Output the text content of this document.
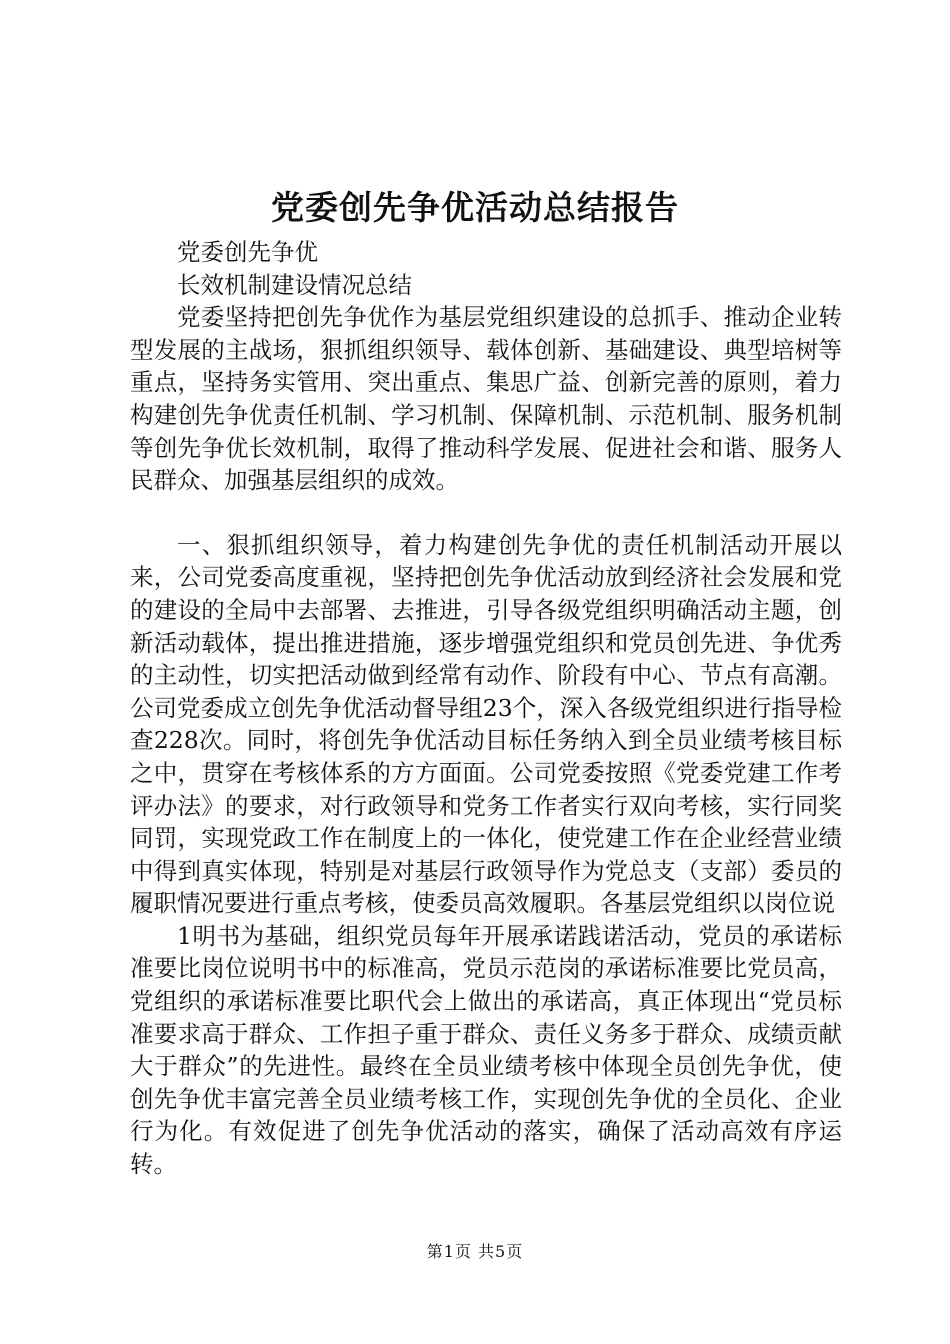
党委创先争优活动总结报告

党委创先争优

长效机制建设情况总结

党委坚持把创先争优作为基层党组织建设的总抓手、推动企业转型发展的主战场，狠抓组织领导、载体创新、基础建设、典型培树等重点，坚持务实管用、突出重点、集思广益、创新完善的原则，着力构建创先争优责任机制、学习机制、保障机制、示范机制、服务机制等创先争优长效机制，取得了推动科学发展、促进社会和谐、服务人民群众、加强基层组织的成效。

一、狠抓组织领导，着力构建创先争优的责任机制活动开展以来，公司党委高度重视，坚持把创先争优活动放到经济社会发展和党的建设的全局中去部署、去推进，引导各级党组织明确活动主题，创新活动载体，提出推进措施，逐步增强党组织和党员创先进、争优秀的主动性，切实把活动做到经常有动作、阶段有中心、节点有高潮。公司党委成立创先争优活动督导组23个，深入各级党组织进行指导检查228次。同时，将创先争优活动目标任务纳入到全员业绩考核目标之中，贯穿在考核体系的方方面面。公司党委按照《党委党建工作考评办法》的要求，对行政领导和党务工作者实行双向考核，实行同奖同罚，实现党政工作在制度上的一体化，使党建工作在企业经营业绩中得到真实体现，特别是对基层行政领导作为党总支（支部）委员的履职情况要进行重点考核，使委员高效履职。各基层党组织以岗位说

1明书为基础，组织党员每年开展承诺践诺活动，党员的承诺标准要比岗位说明书中的标准高，党员示范岗的承诺标准要比党员高，党组织的承诺标准要比职代会上做出的承诺高，真正体现出“党员标准要求高于群众、工作担子重于群众、责任义务多于群众、成绩贡献大于群众”的先进性。最终在全员业绩考核中体现全员创先争优，使创先争优丰富完善全员业绩考核工作，实现创先争优的全员化、企业行为化。有效促进了创先争优活动的落实，确保了活动高效有序运转。

第1页 共5页
